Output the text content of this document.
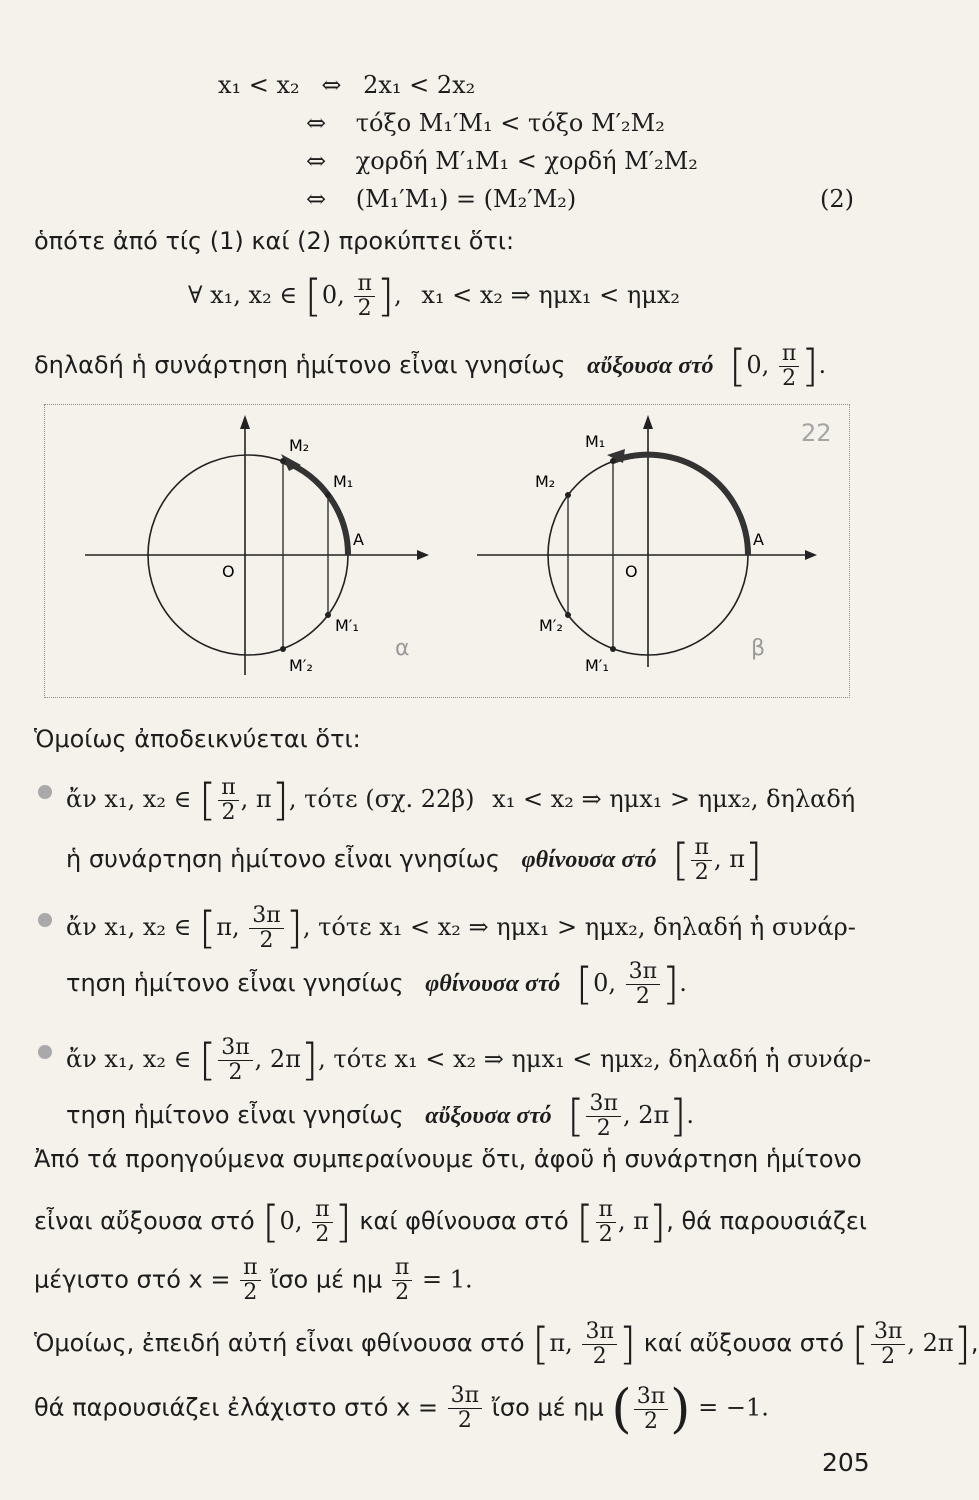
x₁ < x₂ ⇔ 2x₁ < 2x₂
⇔ τόξο M₁′M₁ < τόξο M′₂M₂
⇔ χορδή M′₁M₁ < χορδή M′₂M₂
⇔ (M₁′M₁) = (M₂′M₂)	(2)
ὁπότε ἀπό τίς (1) καί (2) προκύπτει ὅτι:
∀ x₁, x₂ ∈ [0, $\frac{\pi}{2}$ ], x₁ < x₂ ⇒ ημx₁ < ημx₂
δηλαδή ἡ συνάρτηση ἡμίτονο εἶναι γνησίως αὔξουσα στό [0, $\frac{\pi}{2}$ ].
M₂
M₁
A
O
M′₁
M′₂
α
M₁
M₂
A
O
M′₂
M′₁
β
22
Ὁμοίως ἀποδεικνύεται ὅτι:
ἄν x₁, x₂ ∈ [ $\frac{\pi}{2}$ , π], τότε (σχ. 22β) x₁ < x₂ ⇒ ημx₁ > ημx₂, δηλαδή
ἡ συνάρτηση ἡμίτονο εἶναι γνησίως φθίνουσα στό [ $\frac{\pi}{2}$ , π]
ἄν x₁, x₂ ∈ [π, $\frac{3\pi}{2}$ ], τότε x₁ < x₂ ⇒ ημx₁ > ημx₂, δηλαδή ἡ συνάρ-
τηση ἡμίτονο εἶναι γνησίως φθίνουσα στό [0, $\frac{3\pi}{2}$ ].
ἄν x₁, x₂ ∈ [ $\frac{3\pi}{2}$ , 2π], τότε x₁ < x₂ ⇒ ημx₁ < ημx₂, δηλαδή ἡ συνάρ-
τηση ἡμίτονο εἶναι γνησίως αὔξουσα στό [ $\frac{3\pi}{2}$ , 2π].
Ἀπό τά προηγούμενα συμπεραίνουμε ὅτι, ἀφοῦ ἡ συνάρτηση ἡμίτονο
εἶναι αὔξουσα στό [0, $\frac{\pi}{2}$ ] καί φθίνουσα στό [ $\frac{\pi}{2}$ , π], θά παρουσιάζει
μέγιστο στό $x = \frac{\pi}{2}$ ἴσο μέ ημ $\frac{\pi}{2} = 1$.
Ὁμοίως, ἐπειδή αὐτή εἶναι φθίνουσα στό [π, $\frac{3\pi}{2}$ ] καί αὔξουσα στό [ $\frac{3\pi}{2}$ , 2π],
θά παρουσιάζει ἐλάχιστο στό $x = \frac{3\pi}{2}$ ἴσο μέ ημ ( $\frac{3\pi}{2}$ ) = −1.
205
